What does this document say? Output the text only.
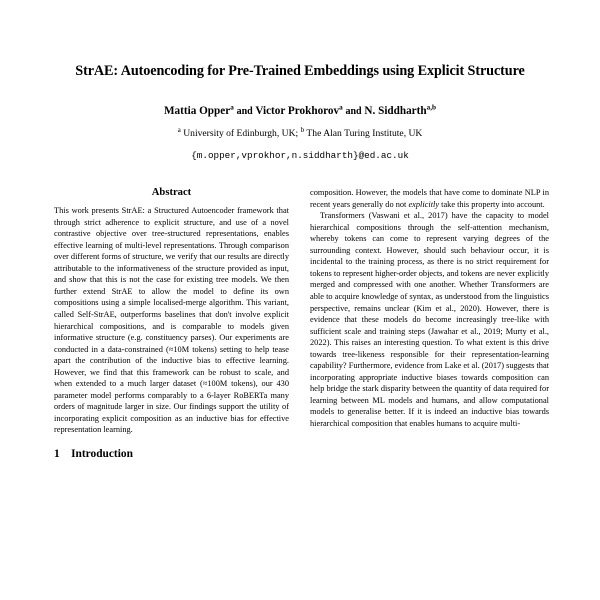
StrAE: Autoencoding for Pre-Trained Embeddings using Explicit Structure
Mattia Opper$^a$ and Victor Prokhorov$^a$ and N. Siddharth$^{a,b}$
$^a$ University of Edinburgh, UK; $^b$ The Alan Turing Institute, UK
{m.opper,vprokhor,n.siddharth}@ed.ac.uk
Abstract

This work presents StrAE: a Structured Autoencoder framework that through strict adherence to explicit structure, and use of a novel contrastive objective over tree-structured representations, enables effective learning of multi-level representations. Through comparison over different forms of structure, we verify that our results are directly attributable to the informativeness of the structure provided as input, and show that this is not the case for existing tree models. We then further extend StrAE to allow the model to define its own compositions using a simple localised-merge algorithm. This variant, called Self-StrAE, outperforms baselines that don't involve explicit hierarchical compositions, and is comparable to models given informative structure (e.g. constituency parses). Our experiments are conducted in a data-constrained (≈10M tokens) setting to help tease apart the contribution of the inductive bias to effective learning. However, we find that this framework can be robust to scale, and when extended to a much larger dataset (≈100M tokens), our 430 parameter model performs comparably to a 6-layer RoBERTa many orders of magnitude larger in size. Our findings support the utility of incorporating explicit composition as an inductive bias for effective representation learning.

1 Introduction

composition. However, the models that have come to dominate NLP in recent years generally do not explicitly take this property into account.

Transformers (Vaswani et al., 2017) have the capacity to model hierarchical compositions through the self-attention mechanism, whereby tokens can come to represent varying degrees of the surrounding context. However, should such behaviour occur, it is incidental to the training process, as there is no strict requirement for tokens to represent higher-order objects, and tokens are never explicitly merged and compressed with one another. Whether Transformers are able to acquire knowledge of syntax, as understood from the linguistics perspective, remains unclear (Kim et al., 2020). However, there is evidence that these models do become increasingly tree-like with sufficient scale and training steps (Jawahar et al., 2019; Murty et al., 2022). This raises an interesting question. To what extent is this drive towards tree-likeness responsible for their representation-learning capability? Furthermore, evidence from Lake et al. (2017) suggests that incorporating appropriate inductive biases towards composition can help bridge the stark disparity between the quantity of data required for learning between ML models and humans, and allow computational models to generalise better. If it is indeed an inductive bias towards hierarchical composition that enables humans to acquire multi-
